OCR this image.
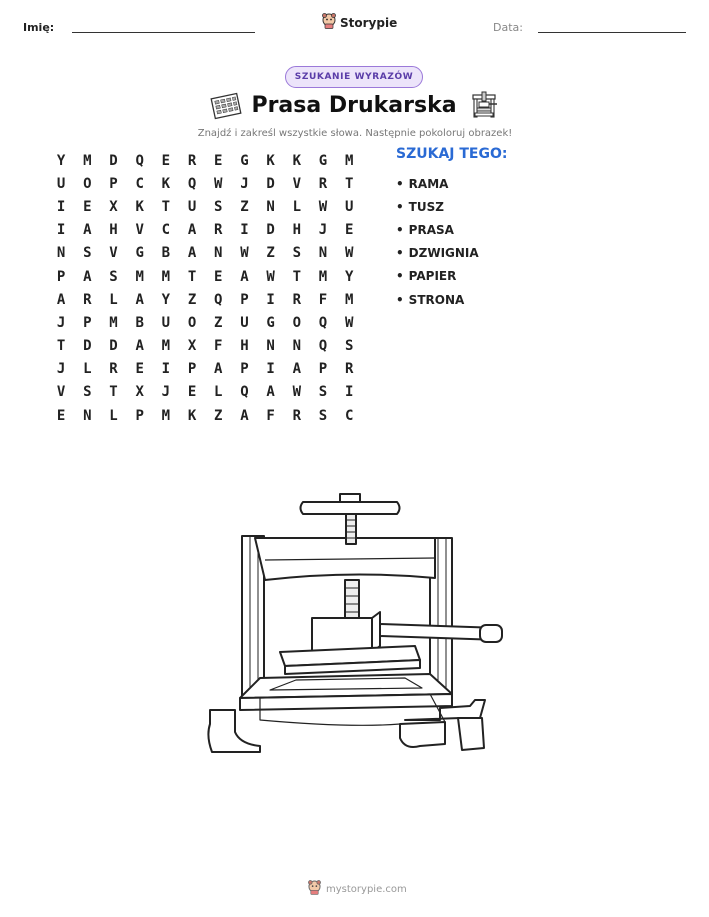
Imię:	Storypie	Data:
SZUKANIE WYRAZÓW
Prasa Drukarska
Znajdź i zakreśl wszystkie słowa. Następnie pokoloruj obrazek!
Y	M	D	Q	E	R	E	G	K	K	G	M
U	O	P	C	K	Q	W	J	D	V	R	T
I	E	X	K	T	U	S	Z	N	L	W	U
I	A	H	V	C	A	R	I	D	H	J	E
N	S	V	G	B	A	N	W	Z	S	N	W
P	A	S	M	M	T	E	A	W	T	M	Y
A	R	L	A	Y	Z	Q	P	I	R	F	M
J	P	M	B	U	O	Z	U	G	O	Q	W
T	D	D	A	M	X	F	H	N	N	Q	S
J	L	R	E	I	P	A	P	I	A	P	R
V	S	T	X	J	E	L	Q	A	W	S	I
E	N	L	P	M	K	Z	A	F	R	S	C
SZUKAJ TEGO:
• RAMA
• TUSZ
• PRASA
• DZWIGNIA
• PAPIER
• STRONA
mystorypie.com
